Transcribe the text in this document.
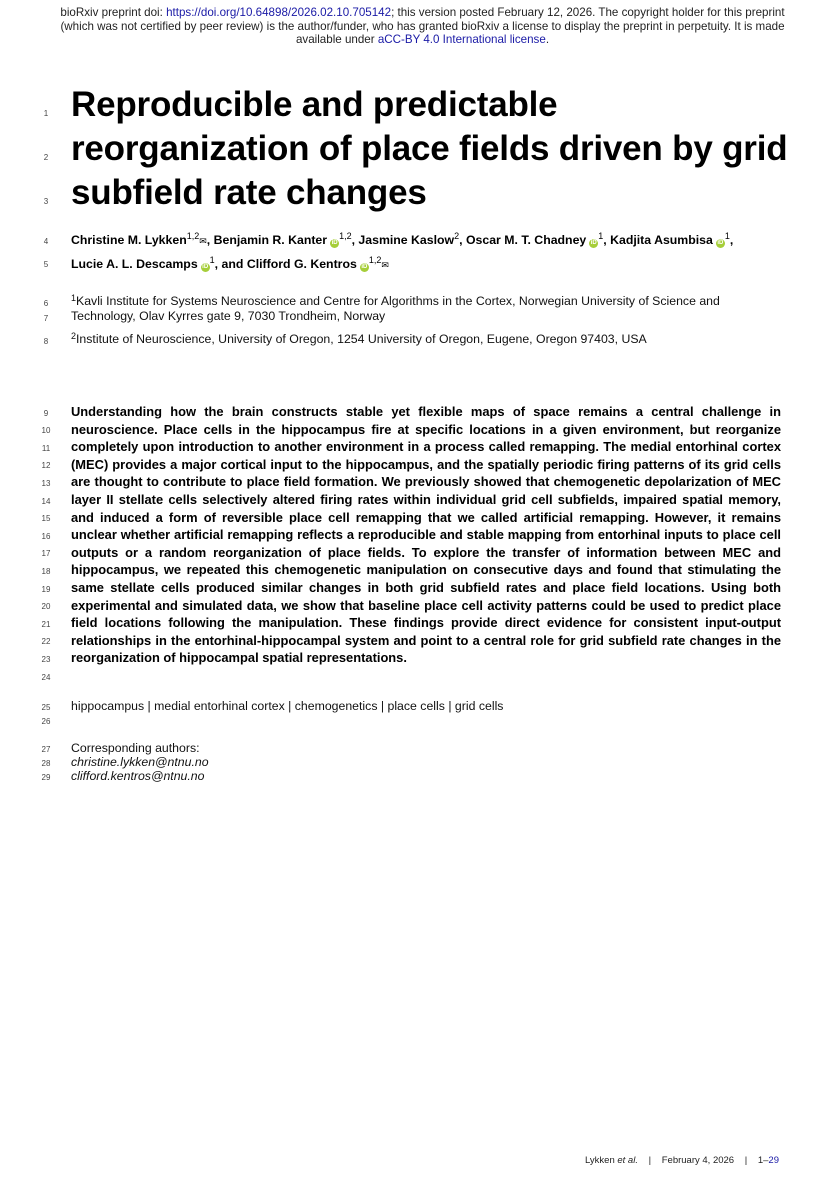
bioRxiv preprint doi: https://doi.org/10.64898/2026.02.10.705142; this version posted February 12, 2026. The copyright holder for this preprint (which was not certified by peer review) is the author/funder, who has granted bioRxiv a license to display the preprint in perpetuity. It is made available under aCC-BY 4.0 International license.
1
2
3
4
5
6
7
8
9
10
11
12
13
14
15
16
17
18
19
20
21
22
23
24
25
26
27
28
29
Reproducible and predictable reorganization of place fields driven by grid subfield rate changes
Christine M. Lykken$^{1,2}$✉, Benjamin R. Kanter iD$^{1,2}$, Jasmine Kaslow$^2$, Oscar M. T. Chadney $iD^1$, Kadjita Asumbisa $iD^1$,
Lucie A. L. Descamps $iD^1$, and Clifford G. Kentros iD$^{1,2}$✉
$^1$Kavli Institute for Systems Neuroscience and Centre for Algorithms in the Cortex, Norwegian University of Science and Technology, Olav Kyrres gate 9, 7030 Trondheim, Norway
$^2$Institute of Neuroscience, University of Oregon, 1254 University of Oregon, Eugene, Oregon 97403, USA

Understanding how the brain constructs stable yet flexible maps of space remains a central challenge in neuroscience. Place cells in the hippocampus fire at specific locations in a given environment, but reorganize completely upon introduction to another environment in a process called remapping. The medial entorhinal cortex (MEC) provides a major cortical input to the hippocampus, and the spatially periodic firing patterns of its grid cells are thought to contribute to place field formation. We previously showed that chemogenetic depolarization of MEC layer II stellate cells selectively altered firing rates within individual grid cell subfields, impaired spatial memory, and induced a form of reversible place cell remapping that we called artificial remapping. However, it remains unclear whether artificial remapping reflects a reproducible and stable mapping from entorhinal inputs to place cell outputs or a random reorganization of place fields. To explore the transfer of information between MEC and hippocampus, we repeated this chemogenetic manipulation on consecutive days and found that stimulating the same stellate cells produced similar changes in both grid subfield rates and place field locations. Using both experimental and simulated data, we show that baseline place cell activity patterns could be used to predict place field locations following the manipulation. These findings provide direct evidence for consistent input-output relationships in the entorhinal-hippocampal system and point to a central role for grid subfield rate changes in the reorganization of hippocampal spatial representations.

hippocampus | medial entorhinal cortex | chemogenetics | place cells | grid cells
Corresponding authors:
christine.lykken@ntnu.no
clifford.kentros@ntnu.no
Lykken et al. | February 4, 2026 | 1–29
